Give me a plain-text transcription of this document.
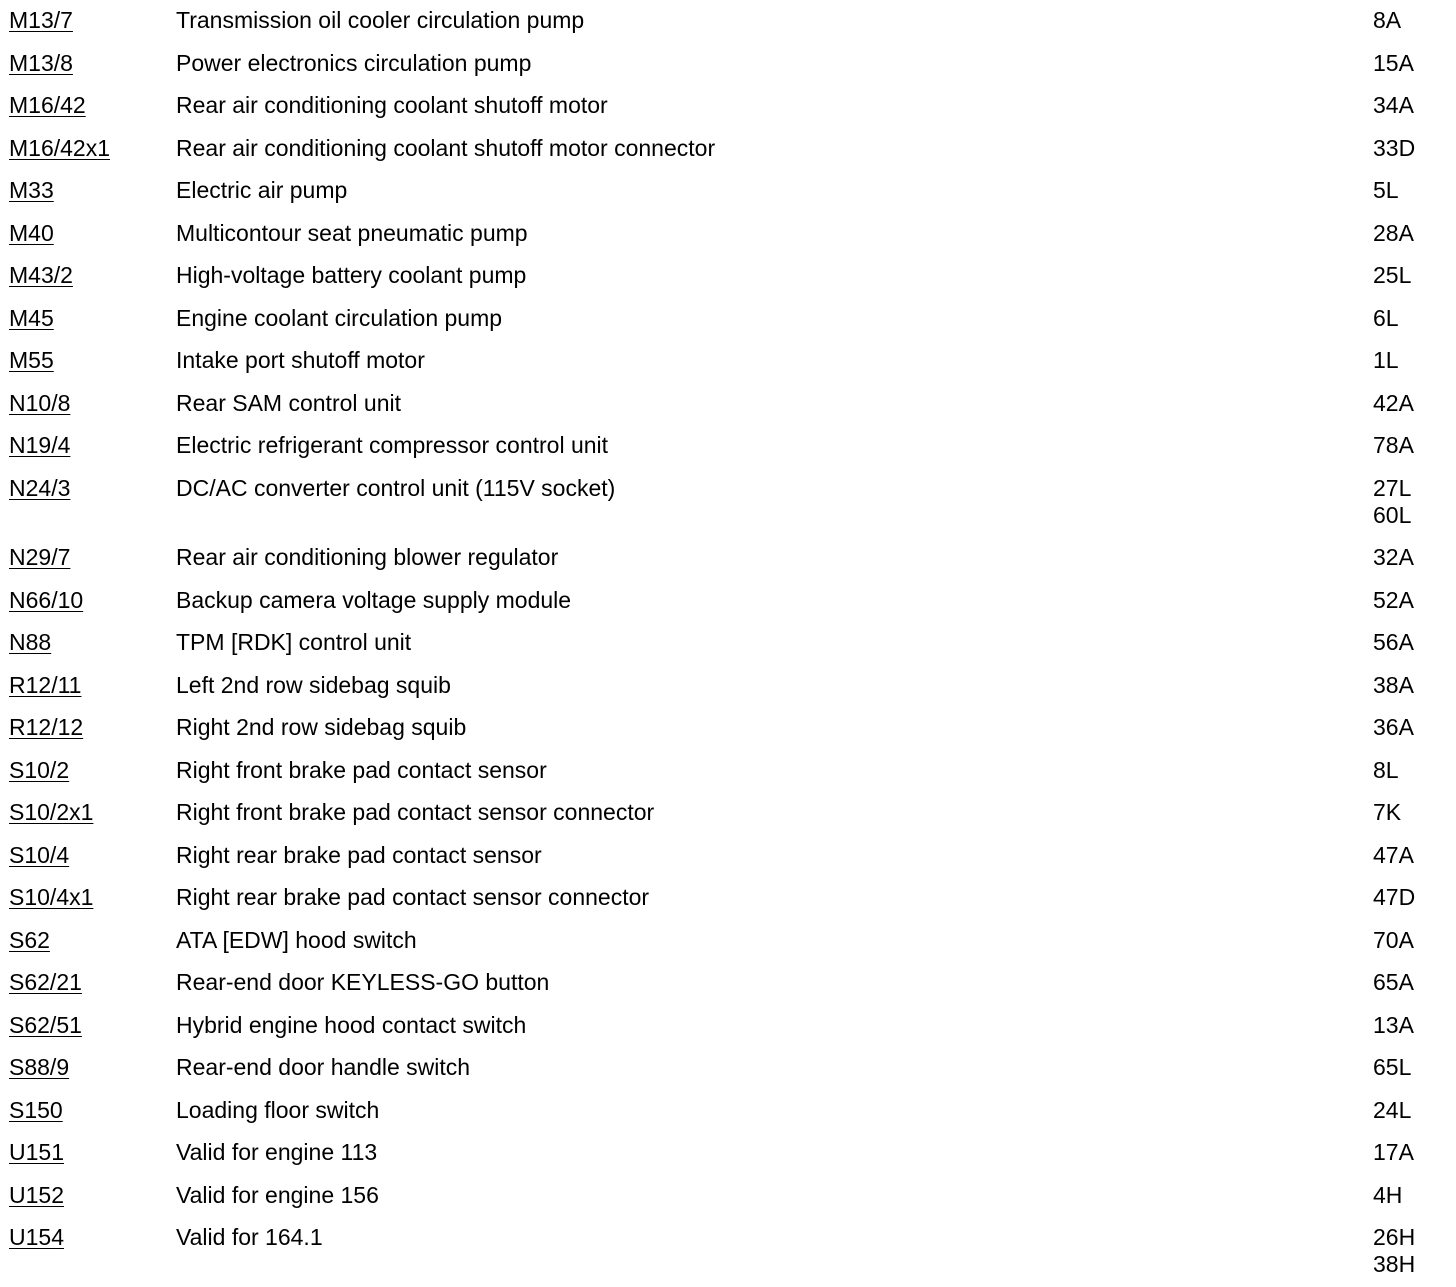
M13/7	Transmission oil cooler circulation pump	8A
M13/8	Power electronics circulation pump	15A
M16/42	Rear air conditioning coolant shutoff motor	34A
M16/42x1	Rear air conditioning coolant shutoff motor connector	33D
M33	Electric air pump	5L
M40	Multicontour seat pneumatic pump	28A
M43/2	High-voltage battery coolant pump	25L
M45	Engine coolant circulation pump	6L
M55	Intake port shutoff motor	1L
N10/8	Rear SAM control unit	42A
N19/4	Electric refrigerant compressor control unit	78A
N24/3	DC/AC converter control unit (115V socket)	27L
60L
N29/7	Rear air conditioning blower regulator	32A
N66/10	Backup camera voltage supply module	52A
N88	TPM [RDK] control unit	56A
R12/11	Left 2nd row sidebag squib	38A
R12/12	Right 2nd row sidebag squib	36A
S10/2	Right front brake pad contact sensor	8L
S10/2x1	Right front brake pad contact sensor connector	7K
S10/4	Right rear brake pad contact sensor	47A
S10/4x1	Right rear brake pad contact sensor connector	47D
S62	ATA [EDW] hood switch	70A
S62/21	Rear-end door KEYLESS-GO button	65A
S62/51	Hybrid engine hood contact switch	13A
S88/9	Rear-end door handle switch	65L
S150	Loading floor switch	24L
U151	Valid for engine 113	17A
U152	Valid for engine 156	4H
U154	Valid for 164.1	26H
38H
